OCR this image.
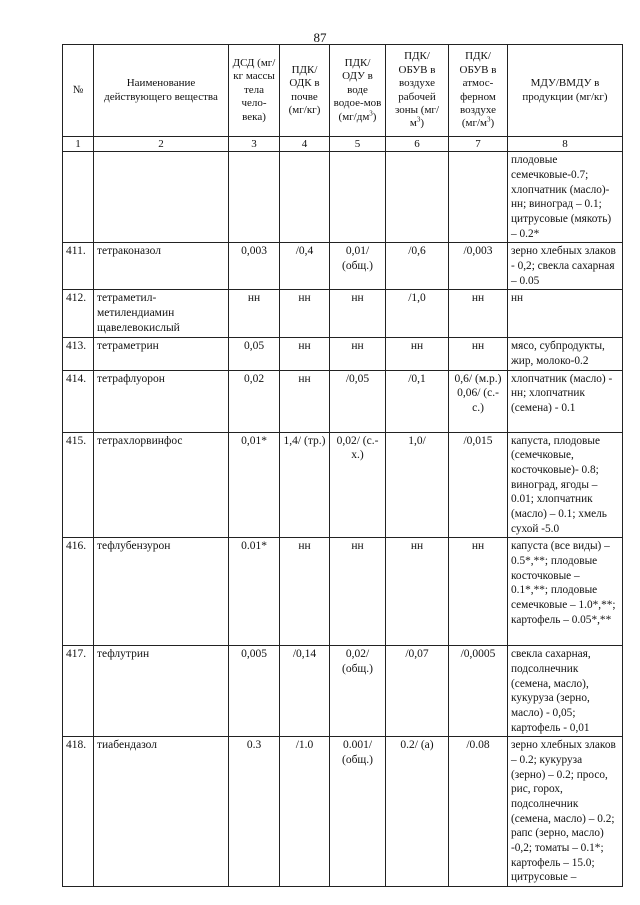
87
№	Наименование действующего вещества	ДСД (мг/кг массы тела чело-века)	ПДК/ ОДК в почве (мг/кг)	ПДК/ ОДУ в воде водое-мов $(мг/дм^3)$	ПДК/ ОБУВ в воздухе рабочей зоны $(мг/м^3)$	ПДК/ ОБУВ в атмос-ферном воздухе $(мг/м^3)$	МДУ/ВМДУ в продукции (мг/кг)
1	2	3	4	5	6	7	8
							плодовые семечковые-0.7; хлопчатник (масло)-нн; виноград – 0.1; цитрусовые (мякоть) – 0.2*
411.	тетраконазол	0,003	/0,4	0,01/ (общ.)	/0,6	/0,003	зерно хлебных злаков - 0,2; свекла сахарная – 0.05
412.	тетраметил-метилендиамин щавелевокислый	нн	нн	нн	/1,0	нн	нн
413.	тетраметрин	0,05	нн	нн	нн	нн	мясо, субпродукты, жир, молоко-0.2
414.	тетрафлуорон	0,02	нн	/0,05	/0,1	0,6/ (м.р.) 0,06/ (с.-с.)	хлопчатник (масло) - нн; хлопчатник (семена) - 0.1
415.	тетрахлорвинфос	0,01*	1,4/ (тр.)	0,02/ (с.-х.)	1,0/	/0,015	капуста, плодовые (семечковые, косточковые)- 0.8; виноград, ягоды – 0.01; хлопчатник (масло) – 0.1; хмель сухой -5.0
416.	тефлубензурон	0.01*	нн	нн	нн	нн	капуста (все виды) – 0.5*,**; плодовые косточковые – 0.1*,**; плодовые семечковые – 1.0*,**; картофель – 0.05*,**
417.	тефлутрин	0,005	/0,14	0,02/ (общ.)	/0,07	/0,0005	свекла сахарная, подсолнечник (семена, масло), кукуруза (зерно, масло) - 0,05; картофель - 0,01
418.	тиабендазол	0.3	/1.0	0.001/ (общ.)	0.2/ (а)	/0.08	зерно хлебных злаков – 0.2; кукуруза (зерно) – 0.2; просо, рис, горох, подсолнечник (семена, масло) – 0.2; рапс (зерно, масло) -0,2; томаты – 0.1*; картофель – 15.0; цитрусовые –
